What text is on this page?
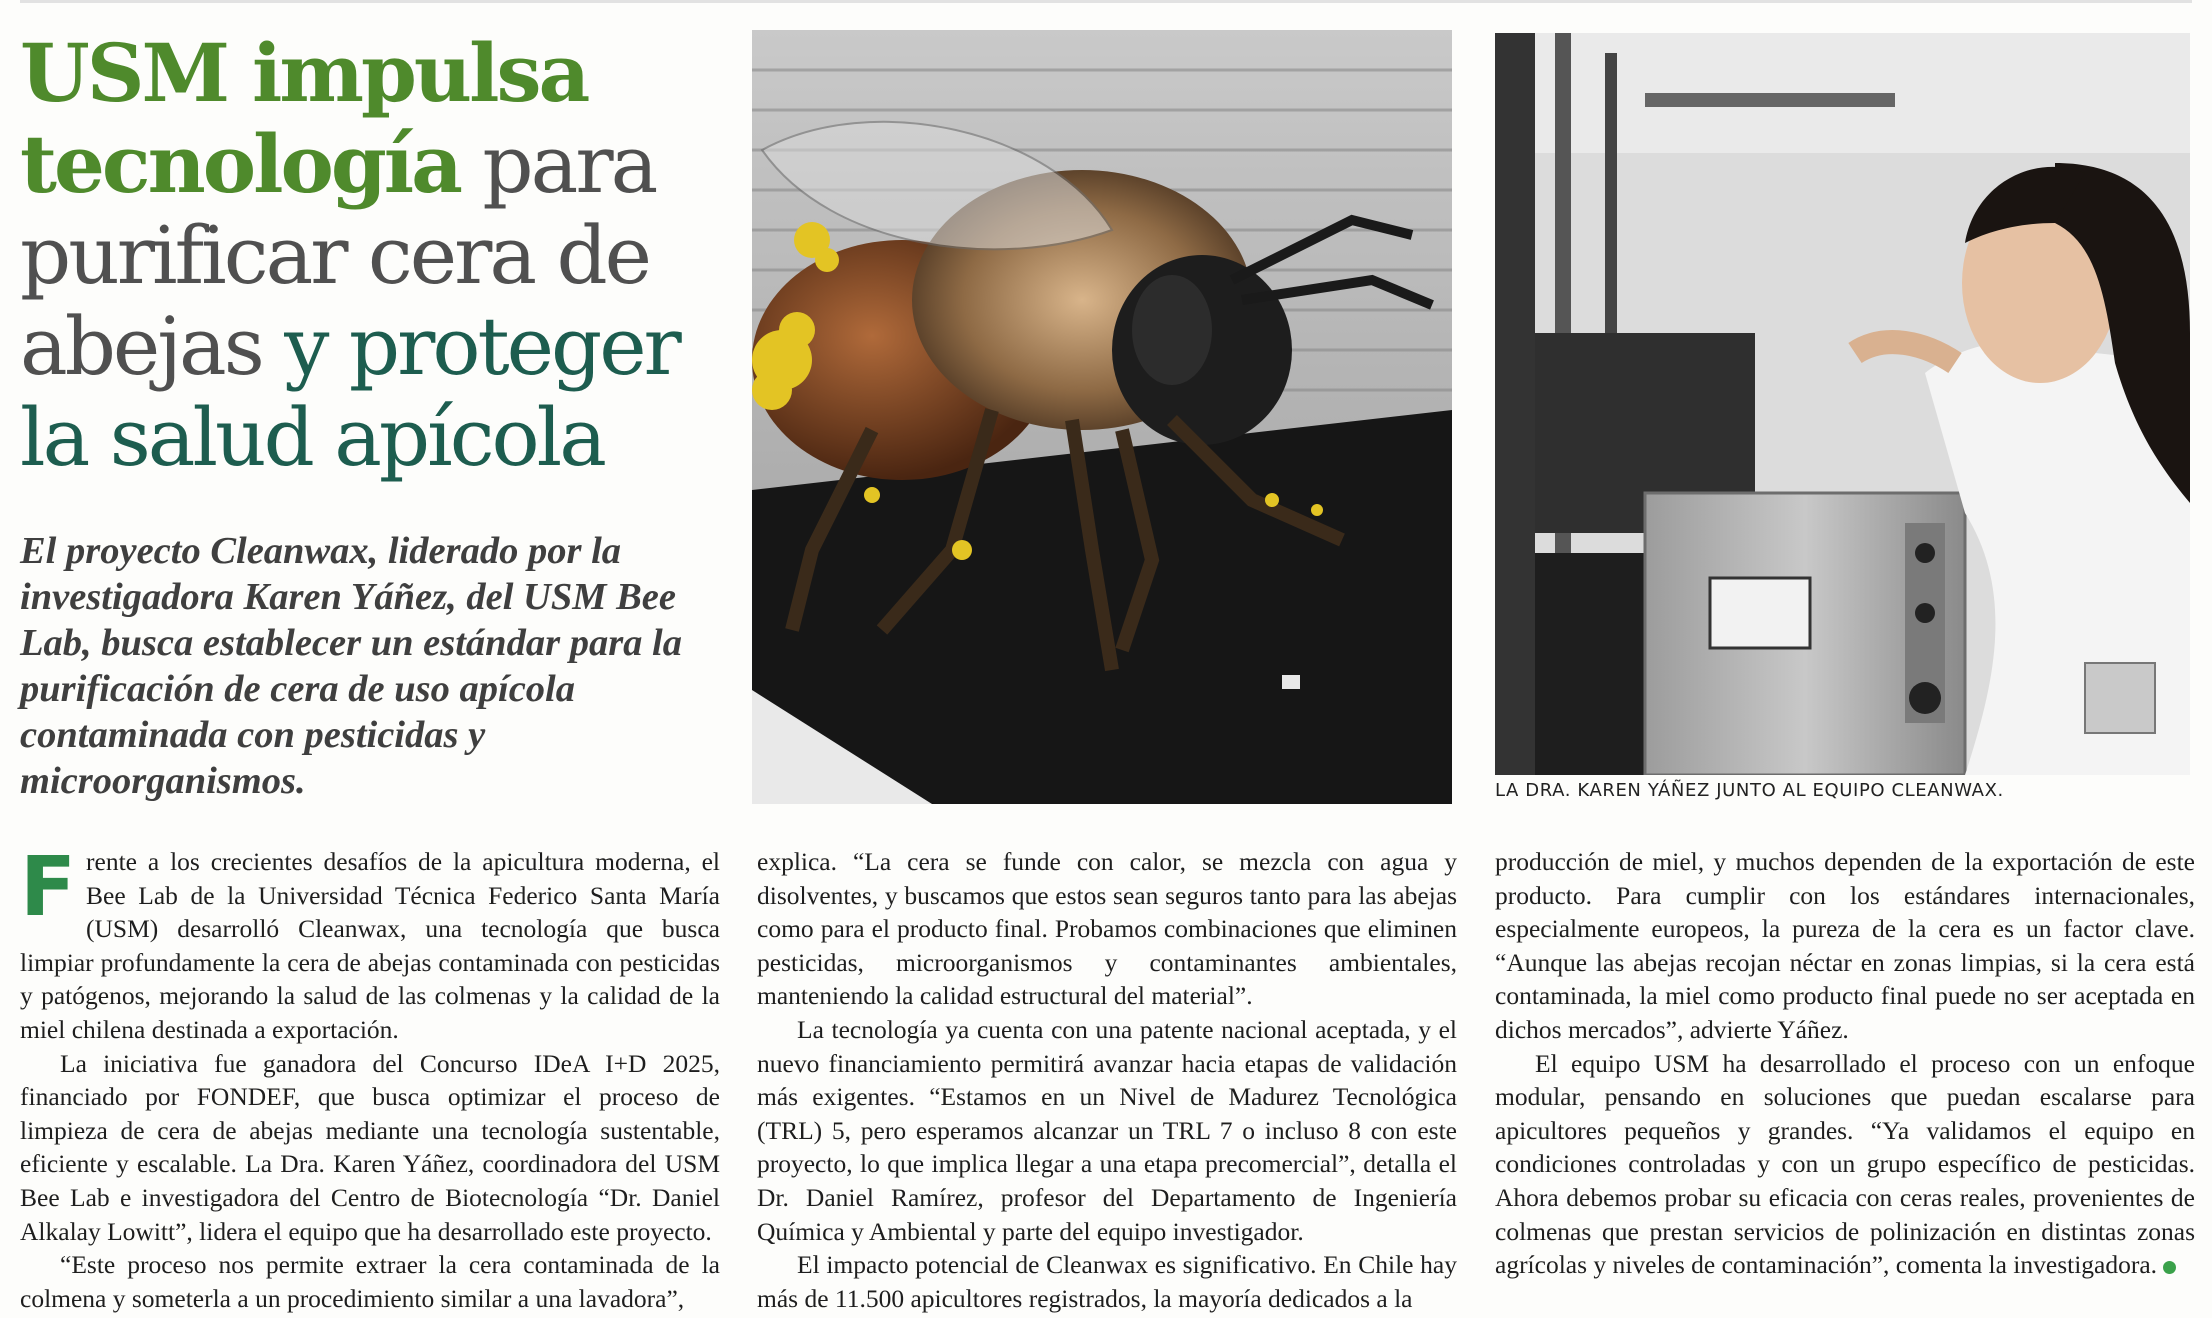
USM impulsa
tecnología para purificar cera de abejas y proteger la salud apícola

El proyecto Cleanwax, liderado por la investigadora Karen Yáñez, del USM Bee Lab, busca establecer un estándar para la purificación de cera de uso apícola contaminada con pesticidas y microorganismos.	LA DRA. KAREN YÁÑEZ JUNTO AL EQUIPO CLEANWAX.

Frente a los crecientes desafíos de la apicultura moderna, el Bee Lab de la Universidad Técnica Federico Santa María (USM) desarrolló Cleanwax, una tecnología que busca limpiar profundamente la cera de abejas contaminada con pesticidas y patógenos, mejorando la salud de las colmenas y la calidad de la miel chilena destinada a exportación.

La iniciativa fue ganadora del Concurso IDeA I+D 2025, financiado por FONDEF, que busca optimizar el proceso de limpieza de cera de abejas mediante una tecnología sustentable, eficiente y escalable. La Dra. Karen Yáñez, coordinadora del USM Bee Lab e investigadora del Centro de Biotecnología “Dr. Daniel Alkalay Lowitt”, lidera el equipo que ha desarrollado este proyecto.

“Este proceso nos permite extraer la cera contaminada de la colmena y someterla a un procedimiento similar a una lavadora”,

explica. “La cera se funde con calor, se mezcla con agua y disolventes, y buscamos que estos sean seguros tanto para las abejas como para el producto final. Probamos combinaciones que eliminen pesticidas, microorganismos y contaminantes ambientales, manteniendo la calidad estructural del material”.

La tecnología ya cuenta con una patente nacional aceptada, y el nuevo financiamiento permitirá avanzar hacia etapas de validación más exigentes. “Estamos en un Nivel de Madurez Tecnológica (TRL) 5, pero esperamos alcanzar un TRL 7 o incluso 8 con este proyecto, lo que implica llegar a una etapa precomercial”, detalla el Dr. Daniel Ramírez, profesor del Departamento de Ingeniería Química y Ambiental y parte del equipo investigador.

El impacto potencial de Cleanwax es significativo. En Chile hay más de 11.500 apicultores registrados, la mayoría dedicados a la

producción de miel, y muchos dependen de la exportación de este producto. Para cumplir con los estándares internacionales, especialmente europeos, la pureza de la cera es un factor clave. “Aunque las abejas recojan néctar en zonas limpias, si la cera está contaminada, la miel como producto final puede no ser aceptada en dichos mercados”, advierte Yáñez.

El equipo USM ha desarrollado el proceso con un enfoque modular, pensando en soluciones que puedan escalarse para apicultores pequeños y grandes. “Ya validamos el equipo en condiciones controladas y con un grupo específico de pesticidas. Ahora debemos probar su eficacia con ceras reales, provenientes de colmenas que prestan servicios de polinización en distintas zonas agrícolas y niveles de contaminación”, comenta la investigadora.
